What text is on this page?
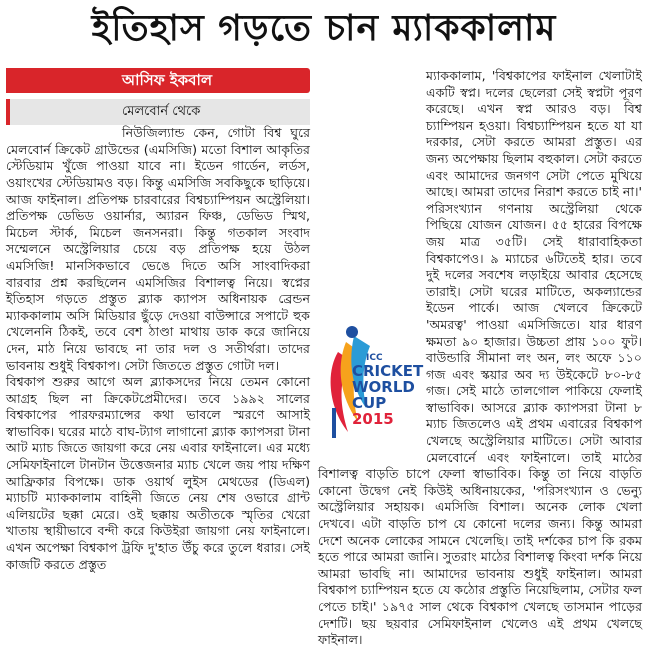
ইতিহাস গড়তে চান ম্যাককালাম

আসিফ ইকবাল
মেলবোর্ন থেকে
নিউজিল্যান্ড কেন, গোটা বিশ্ব ঘুরে মেলবোর্ন ক্রিকেট গ্রাউন্ডের (এমসিজি) মতো বিশাল আকৃতির স্টেডিয়াম খুঁজে পাওয়া যাবে না। ইডেন গার্ডেন, লর্ডস, ওয়াংখের স্টেডিয়ামও বড়। কিন্তু এমসিজি সবকিছুকে ছাড়িয়ে। আজ ফাইনাল। প্রতিপক্ষ চারবারের বিশ্বচ্যাম্পিয়ন অস্ট্রেলিয়া। প্রতিপক্ষ ডেভিড ওয়ার্নার, অ্যারন ফিঞ্চ, ডেভিড স্মিথ, মিচেল স্টার্ক, মিচেল জনসনরা। কিন্তু গতকাল সংবাদ সম্মেলনে অস্ট্রেলিয়ার চেয়ে বড় প্রতিপক্ষ হয়ে উঠল এমসিজি! মানসিকভাবে ভেঙে দিতে অসি সাংবাদিকরা বারবার প্রশ্ন করছিলেন এমসিজির বিশালত্ব নিয়ে। স্বপ্নের ইতিহাস গড়তে প্রস্তুত ব্ল্যাক ক্যাপস অধিনায়ক ব্রেন্ডন ম্যাককালাম অসি মিডিয়ার ছুঁড়ে দেওয়া বাউন্সারে সপাটে হুক খেলেননি ঠিকই, তবে বেশ ঠাণ্ডা মাথায় ডাক করে জানিয়ে দেন, মাঠ নিয়ে ভাবছে না তার দল ও সতীর্থরা। তাদের ভাবনায় শুধুই বিশ্বকাপ। সেটা জিততে প্রস্তুত গোটা দল।

বিশ্বকাপ শুরুর আগে অল ব্ল্যাকসদের নিয়ে তেমন কোনো আগ্রহ ছিল না ক্রিকেটপ্রেমীদের। তবে ১৯৯২ সালের বিশ্বকাপের পারফরম্যান্সের কথা ভাবলে স্মরণে আসাই স্বাভাবিক। ঘরের মাঠে বাঘ-ট্যাগ লাগানো ব্ল্যাক ক্যাপসরা টানা আট ম্যাচ জিতে জায়গা করে নেয় এবার ফাইনালে। এর মধ্যে সেমিফাইনালে টানটান উত্তেজনার ম্যাচ খেলে জয় পায় দক্ষিণ আফ্রিকার বিপক্ষে। ডাক ওয়ার্থ লুইস মেথডের (ডিএল) ম্যাচটি ম্যাককালাম বাহিনী জিতে নেয় শেষ ওভারে গ্রান্ট এলিয়টের ছক্কা মেরে। ওই ছক্কায় অতীতকে স্মৃতির খেরো খাতায় স্থায়ীভাবে বন্দী করে কিউইরা জায়গা নেয় ফাইনালে। এখন অপেক্ষা বিশ্বকাপ ট্রফি দু'হাত উঁচু করে তুলে ধরার। সেই কাজটি করতে প্রস্তুত

ICC
CRICKET
WORLD
CUP
2015
ম্যাককালাম, 'বিশ্বকাপের ফাইনাল খেলাটাই একটি স্বপ্ন। দলের ছেলেরা সেই স্বপ্নটা পূরণ করেছে। এখন স্বপ্ন আরও বড়। বিশ্ব চ্যাম্পিয়ন হওয়া। বিশ্বচ্যাম্পিয়ন হতে যা যা দরকার, সেটা করতে আমরা প্রস্তুত। এর জন্য অপেক্ষায় ছিলাম বহুকাল। সেটা করতে এবং আমাদের জনগণ সেটা পেতে মুখিয়ে আছে। আমরা তাদের নিরাশ করতে চাই না।' পরিসংখ্যান গণনায় অস্ট্রেলিয়া থেকে পিছিয়ে যোজন যোজন। ৫৫ হারের বিপক্ষে জয় মাত্র ৩৫টি। সেই ধারাবাহিকতা বিশ্বকাপেও। ৯ ম্যাচের ৬টিতেই হার। তবে দুই দলের সবশেষ লড়াইয়ে আবার হেসেছে তারাই। সেটা ঘরের মাটিতে, অকল্যান্ডের ইডেন পার্কে। আজ খেলবে ক্রিকেটে 'অমরত্ব' পাওয়া এমসিজিতে। যার ধারণ ক্ষমতা ৯০ হাজার। উচ্চতা প্রায় ১০০ ফুট। বাউন্ডারি সীমানা লং অন, লং অফে ১১০ গজ এবং স্কয়ার অব দ্য উইকেটে ৮০-৮৫ গজ। সেই মাঠে তালগোল পাকিয়ে ফেলাই স্বাভাবিক। আসরে ব্ল্যাক ক্যাপসরা টানা ৮ ম্যাচ জিতলেও এই প্রথম এবারের বিশ্বকাপ খেলছে অস্ট্রেলিয়ার মাটিতে। সেটা আবার মেলবোর্নে এবং ফাইনালে। তাই মাঠের বিশালত্ব বাড়তি চাপে ফেলা স্বাভাবিক। কিন্তু তা নিয়ে বাড়তি কোনো উদ্বেগ নেই কিউই অধিনায়কের, 'পরিসংখ্যান ও ভেন্যু অস্ট্রেলিয়ার সহায়ক। এমসিজি বিশাল। অনেক লোক খেলা দেখবে। এটা বাড়তি চাপ যে কোনো দলের জন্য। কিন্তু আমরা দেশে অনেক লোকের সামনে খেলেছি। তাই দর্শকের চাপ কি রকম হতে পারে আমরা জানি। সুতরাং মাঠের বিশালত্ব কিংবা দর্শক নিয়ে আমরা ভাবছি না। আমাদের ভাবনায় শুধুই ফাইনাল। আমরা বিশ্বকাপ চ্যাম্পিয়ন হতে যে কঠোর প্রস্তুতি নিয়েছিলাম, সেটার ফল পেতে চাই।' ১৯৭৫ সাল থেকে বিশ্বকাপ খেলছে তাসমান পাড়ের দেশটি। ছয় ছয়বার সেমিফাইনাল খেলেও এই প্রথম খেলছে ফাইনাল।
